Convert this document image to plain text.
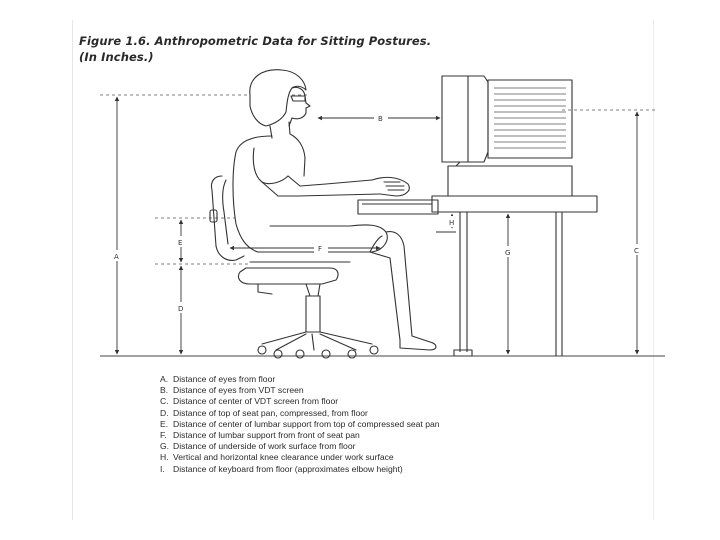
Figure 1.6. Anthropometric Data for Sitting Postures.
(In Inches.)
A
B
C
D
E
F	G
H
A. Distance of eyes from floor
B. Distance of eyes from VDT screen
C. Distance of center of VDT screen from floor
D. Distance of top of seat pan, compressed, from floor
E. Distance of center of lumbar support from top of compressed seat pan
F. Distance of lumbar support from front of seat pan
G. Distance of underside of work surface from floor
H. Vertical and horizontal knee clearance under work surface
I. Distance of keyboard from floor (approximates elbow height)
